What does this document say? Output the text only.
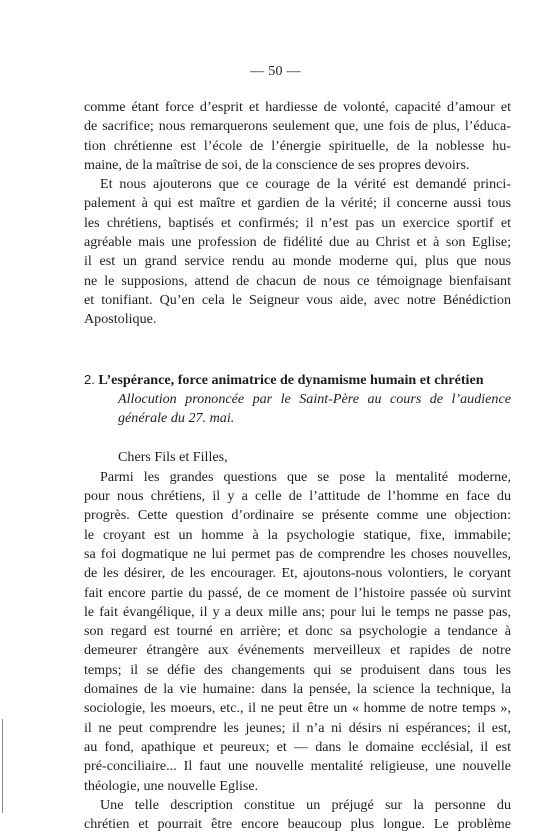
— 50 —

comme étant force d’esprit et hardiesse de volonté, capacité d’amour et

de sacrifice; nous remarquerons seulement que, une fois de plus, l’éduca-

tion chrétienne est l’école de l’énergie spirituelle, de la noblesse hu-

maine, de la maîtrise de soi, de la conscience de ses propres devoirs.

Et nous ajouterons que ce courage de la vérité est demandé princi-

palement à qui est maître et gardien de la vérité; il concerne aussi tous

les chrétiens, baptisés et confirmés; il n’est pas un exercice sportif et

agréable mais une profession de fidélité due au Christ et à son Eglise;

il est un grand service rendu au monde moderne qui, plus que nous

ne le supposions, attend de chacun de nous ce témoignage bienfaisant

et tonifiant. Qu’en cela le Seigneur vous aide, avec notre Bénédiction

Apostolique.

2. L’espérance, force animatrice de dynamisme humain et chrétien

Allocution prononcée par le Saint-Père au cours de l’audience

générale du 27. mai.

Chers Fils et Filles,

Parmi les grandes questions que se pose la mentalité moderne,

pour nous chrétiens, il y a celle de l’attitude de l’homme en face du

progrès. Cette question d’ordinaire se présente comme une objection:

le croyant est un homme à la psychologie statique, fixe, immabile;

sa foi dogmatique ne lui permet pas de comprendre les choses nouvelles,

de les désirer, de les encourager. Et, ajoutons-nous volontiers, le coryant

fait encore partie du passé, de ce moment de l’histoire passée où survint

le fait évangélique, il y a deux mille ans; pour lui le temps ne passe pas,

son regard est tourné en arrière; et donc sa psychologie a tendance à

demeurer étrangère aux événements merveilleux et rapides de notre

temps; il se défie des changements qui se produisent dans tous les

domaines de la vie humaine: dans la pensée, la science la technique, la

sociologie, les moeurs, etc., il ne peut être un « homme de notre temps »,

il ne peut comprendre les jeunes; il n’a ni désirs ni espérances; il est,

au fond, apathique et peureux; et — dans le domaine ecclésial, il est

pré-conciliaire... Il faut une nouvelle mentalité religieuse, une nouvelle

théologie, une nouvelle Eglise.

Une telle description constitue un préjugé sur la personne du

chrétien et pourrait être encore beaucoup plus longue. Le problème
